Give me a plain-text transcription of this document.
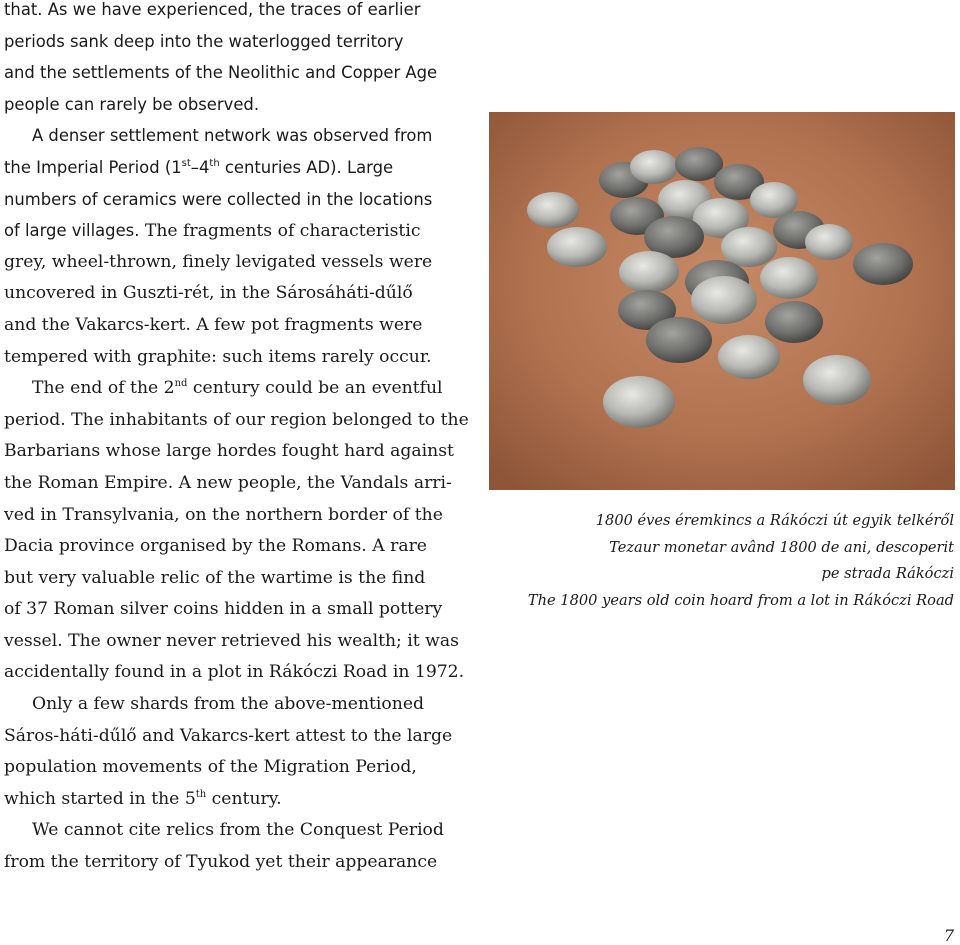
that. As we have experienced, the traces of earlier
periods sank deep into the waterlogged territory
and the settlements of the Neolithic and Copper Age
people can rarely be observed.
A denser settlement network was observed from
the Imperial Period (1st–4th centuries AD). Large
numbers of ceramics were collected in the locations
of large villages. The fragments of characteristic
grey, wheel-thrown, finely levigated vessels were
uncovered in Guszti-rét, in the Sárosáháti-dűlő
and the Vakarcs-kert. A few pot fragments were
tempered with graphite: such items rarely occur.
The end of the 2nd century could be an eventful
period. The inhabitants of our region belonged to the
Barbarians whose large hordes fought hard against
the Roman Empire. A new people, the Vandals arri-
ved in Transylvania, on the northern border of the
Dacia province organised by the Romans. A rare
but very valuable relic of the wartime is the find
of 37 Roman silver coins hidden in a small pottery
vessel. The owner never retrieved his wealth; it was
accidentally found in a plot in Rákóczi Road in 1972.
Only a few shards from the above-mentioned
Sáros-háti-dűlő and Vakarcs-kert attest to the large
population movements of the Migration Period,
which started in the 5th century.
We cannot cite relics from the Conquest Period
from the territory of Tyukod yet their appearance
1800 éves éremkincs a Rákóczi út egyik telkéről
Tezaur monetar având 1800 de ani, descoperit
pe strada Rákóczi
The 1800 years old coin hoard from a lot in Rákóczi Road
7
